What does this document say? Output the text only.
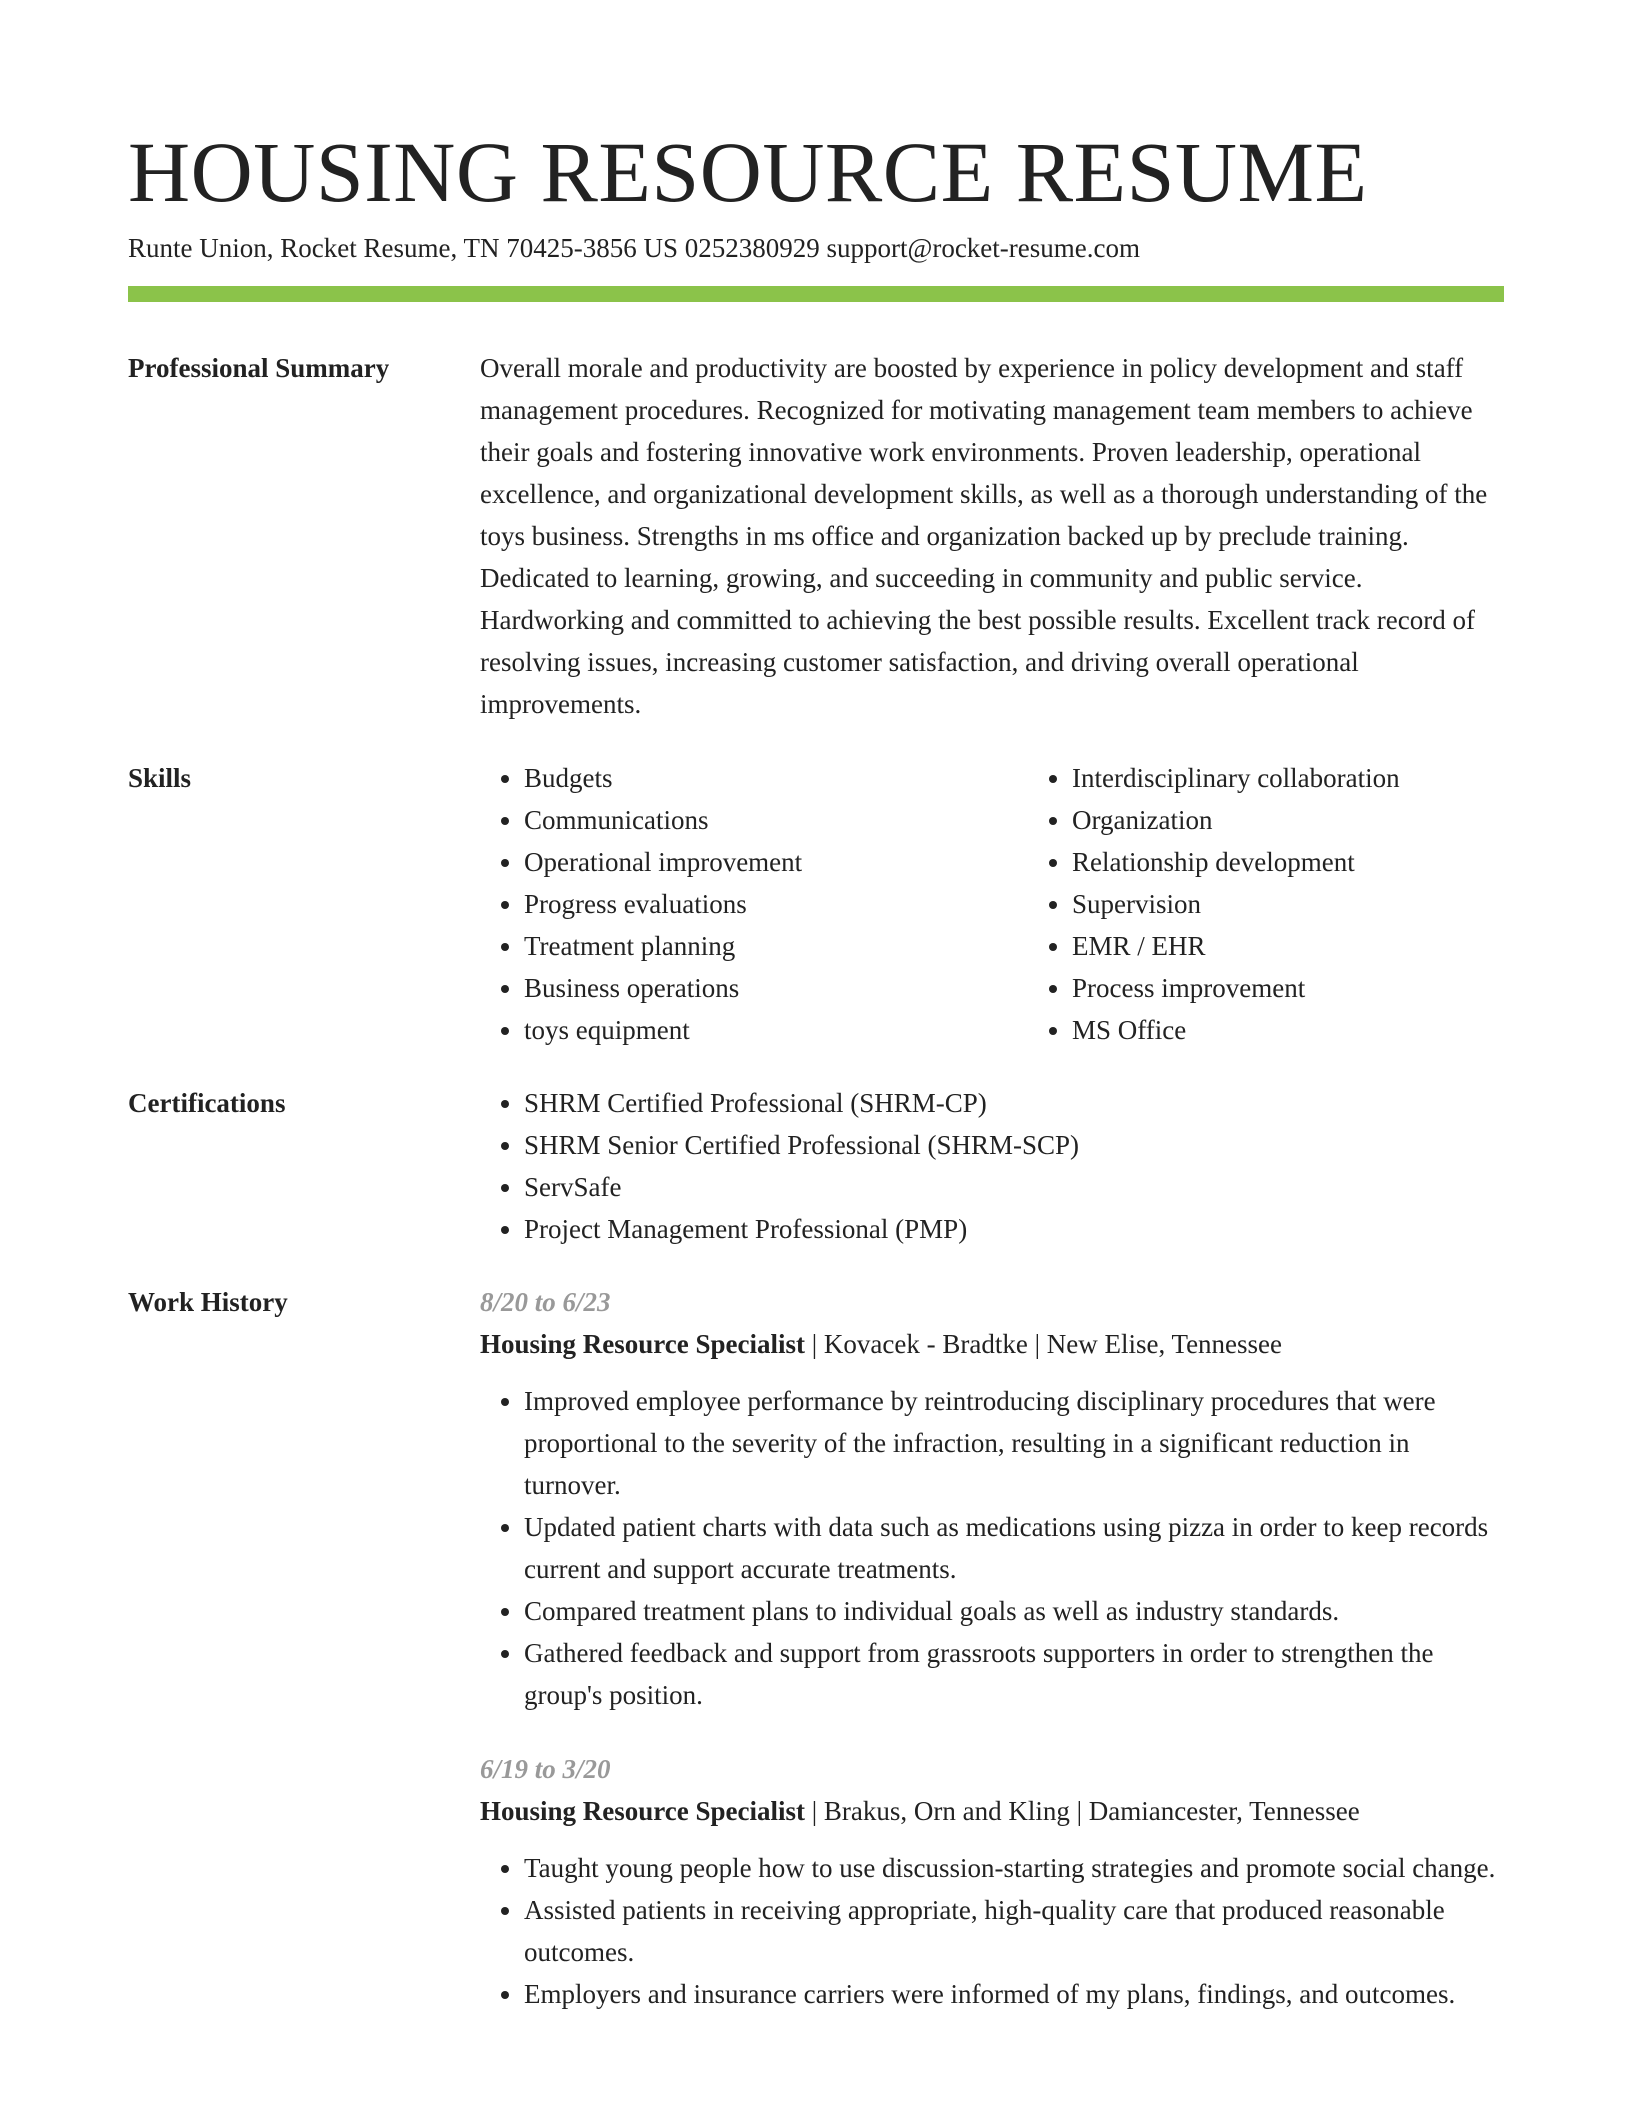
HOUSING RESOURCE RESUME
Runte Union, Rocket Resume, TN 70425-3856 US 0252380929 support@rocket-resume.com
Professional Summary	Overall morale and productivity are boosted by experience in policy development and staff management procedures. Recognized for motivating management team members to achieve their goals and fostering innovative work environments. Proven leadership, operational excellence, and organizational development skills, as well as a thorough understanding of the toys business. Strengths in ms office and organization backed up by preclude training. Dedicated to learning, growing, and succeeding in community and public service. Hardworking and committed to achieving the best possible results. Excellent track record of resolving issues, increasing customer satisfaction, and driving overall operational improvements.

Skills	• Budgets
• Communications
• Operational improvement
• Progress evaluations
• Treatment planning
• Business operations
• toys equipment
• Interdisciplinary collaboration
• Organization
• Relationship development
• Supervision
• EMR / EHR
• Process improvement
• MS Office
Certifications	• SHRM Certified Professional (SHRM-CP)
• SHRM Senior Certified Professional (SHRM-SCP)
• ServSafe
• Project Management Professional (PMP)
Work History	8/20 to 6/23
Housing Resource Specialist | Kovacek - Bradtke | New Elise, Tennessee
• Improved employee performance by reintroducing disciplinary procedures that were proportional to the severity of the infraction, resulting in a significant reduction in turnover.
• Updated patient charts with data such as medications using pizza in order to keep records current and support accurate treatments.
• Compared treatment plans to individual goals as well as industry standards.
• Gathered feedback and support from grassroots supporters in order to strengthen the group's position.
6/19 to 3/20
Housing Resource Specialist | Brakus, Orn and Kling | Damiancester, Tennessee
• Taught young people how to use discussion-starting strategies and promote social change.
• Assisted patients in receiving appropriate, high-quality care that produced reasonable outcomes.
• Employers and insurance carriers were informed of my plans, findings, and outcomes.
